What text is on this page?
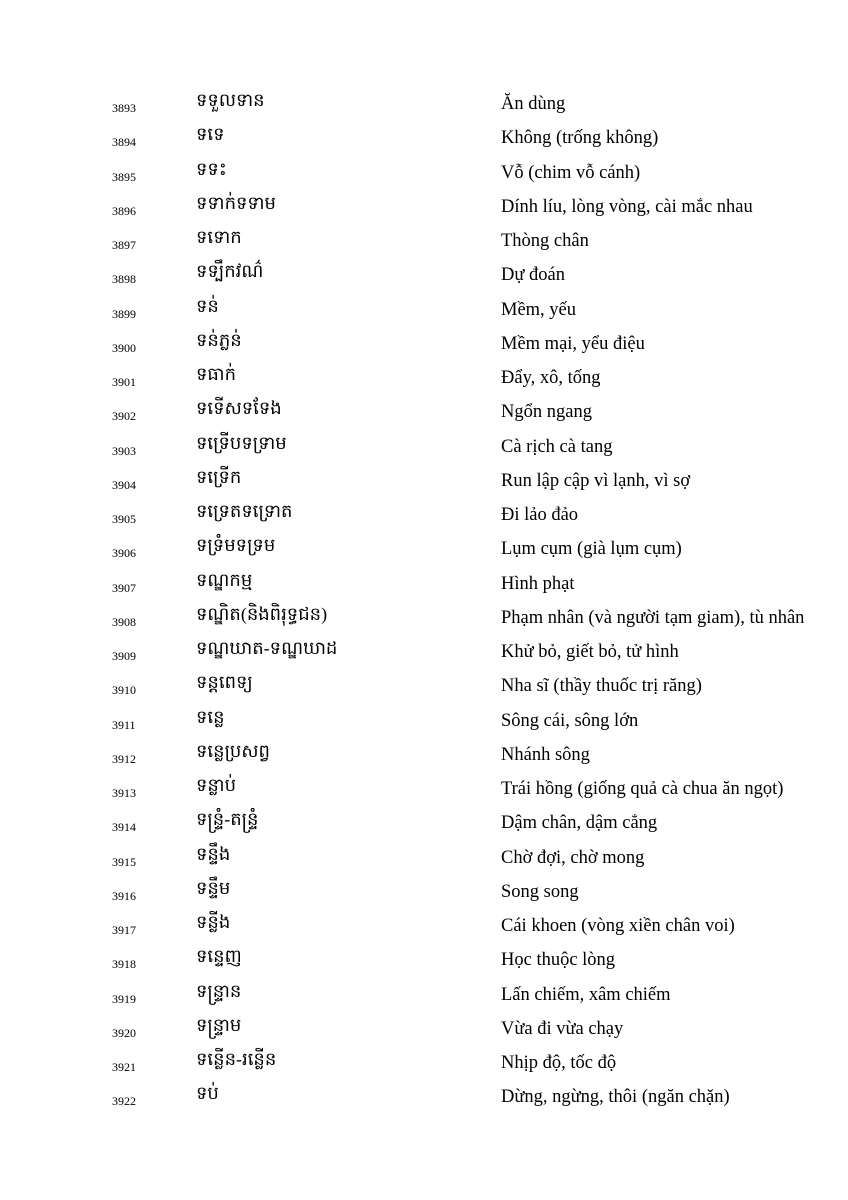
3893	ទទួលទាន	Ăn dùng
3894	ទទេ	Không (trống không)
3895	ទទះ	Vỗ (chim vỗ cánh)
3896	ទទាក់ទទាម	Dính líu, lòng vòng, cài mắc nhau
3897	ទទោក	Thòng chân
3898	ទទ្បឹកវណ៌	Dự đoán
3899	ទន់	Mềm, yếu
3900	ទន់ភ្លន់	Mềm mại, yểu điệu
3901	ទធាក់	Đẩy, xô, tống
3902	ទទើសទទែង	Ngổn ngang
3903	ទទ្រើបទទ្រាម	Cà rịch cà tang
3904	ទទ្រើក	Run lập cập vì lạnh, vì sợ
3905	ទទ្រេតទទ្រោត	Đi lảo đảo
3906	ទទ្រំមទទ្រម	Lụm cụm (già lụm cụm)
3907	ទណ្ឌកម្ម	Hình phạt
3908	ទណ្ឌិត(និងពិរុទ្ធជន)	Phạm nhân (và người tạm giam), tù nhân
3909	ទណ្ឌឃាត-ទណ្ឌឃាដ	Khử bỏ, giết bỏ, tử hình
3910	ទន្តពេទ្យ	Nha sĩ (thầy thuốc trị răng)
3911	ទន្លេ	Sông cái, sông lớn
3912	ទន្លេប្រសព្វ	Nhánh sông
3913	ទន្លាប់	Trái hồng (giống quả cà chua ăn ngọt)
3914	ទន្រ្ទំ-តន្រ្ទំ	Dậm chân, dậm cẳng
3915	ទន្ទឹង	Chờ đợi, chờ mong
3916	ទន្ទឹម	Song song
3917	ទន្លីង	Cái khoen (vòng xiền chân voi)
3918	ទន្ទេញ	Học thuộc lòng
3919	ទន្ទ្រាន	Lấn chiếm, xâm chiếm
3920	ទន្ទ្រាម	Vừa đi vừa chạy
3921	ទន្លើន-រន្លើន	Nhịp độ, tốc độ
3922	ទប់	Dừng, ngừng, thôi (ngăn chặn)
